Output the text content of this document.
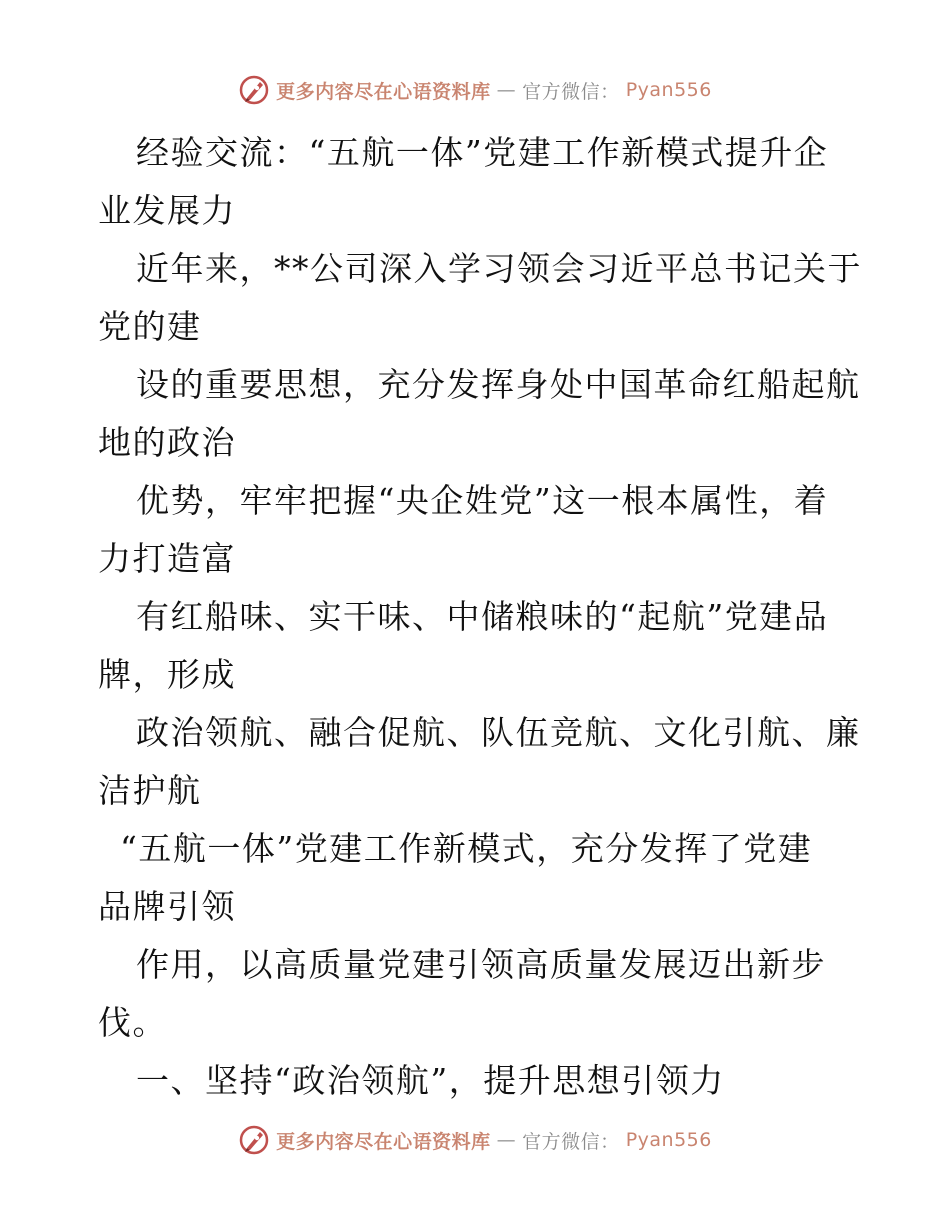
更多内容尽在心语资料库 — 官方微信： Pyan556
经验交流：“五航一体”党建工作新模式提升企
业发展力
近年来，**公司深入学习领会习近平总书记关于
党的建
设的重要思想，充分发挥身处中国革命红船起航
地的政治
优势，牢牢把握“央企姓党”这一根本属性，着
力打造富
有红船味、实干味、中储粮味的“起航”党建品
牌，形成
政治领航、融合促航、队伍竞航、文化引航、廉
洁护航
“五航一体”党建工作新模式，充分发挥了党建
品牌引领
作用，以高质量党建引领高质量发展迈出新步
伐。
一、坚持“政治领航”，提升思想引领力
更多内容尽在心语资料库 — 官方微信： Pyan556
